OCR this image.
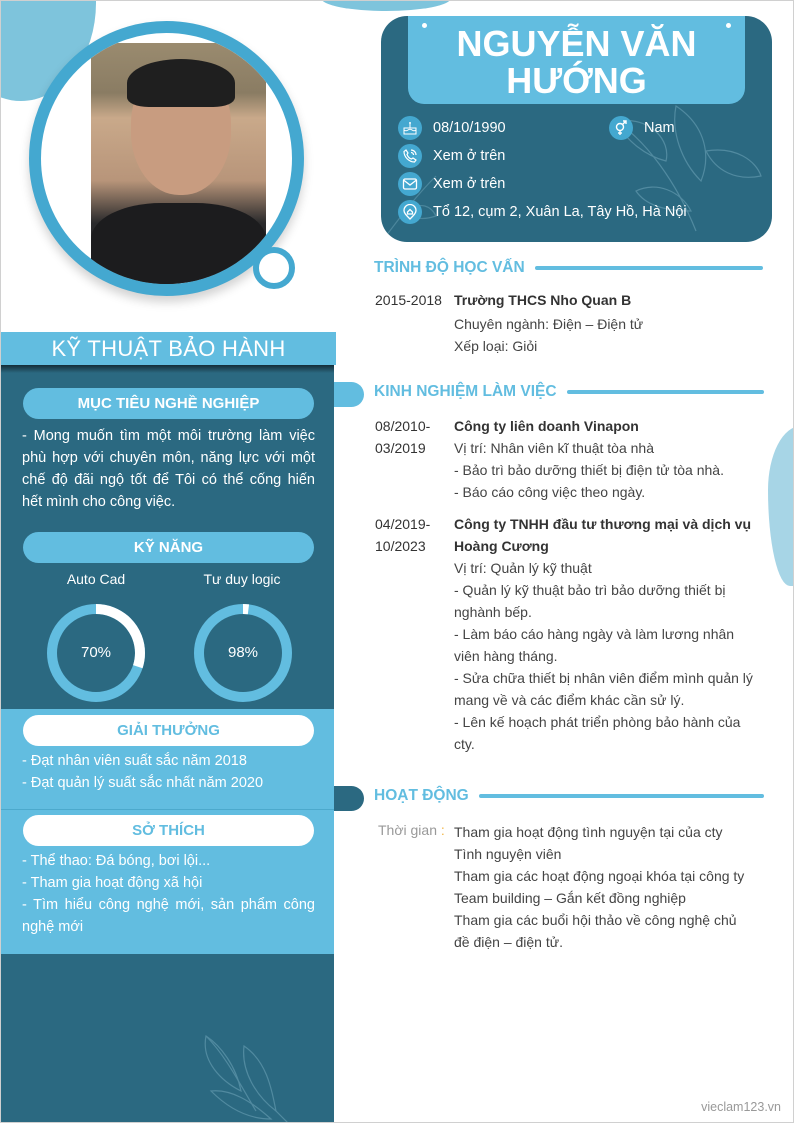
KỸ THUẬT BẢO HÀNH
MỤC TIÊU NGHỀ NGHIỆP
- Mong muốn tìm một môi trường làm việc phù hợp với chuyên môn, năng lực với một chế độ đãi ngộ tốt để Tôi có thể cống hiến hết mình cho công việc.
KỸ NĂNG
Auto Cad	Tư duy logic
70%	98%
GIẢI THƯỞNG
- Đạt nhân viên suất sắc năm 2018
- Đạt quản lý suất sắc nhất năm 2020
SỞ THÍCH
- Thể thao: Đá bóng, bơi lội...
- Tham gia hoạt động xã hội
- Tìm hiểu công nghệ mới, sản phẩm công nghệ mới
NGUYỄN VĂN
HƯỚNG
08/10/1990	Nam
Xem ở trên
Xem ở trên
Tổ 12, cụm 2, Xuân La, Tây Hồ, Hà Nội
TRÌNH ĐỘ HỌC VẤN
2015-2018 Trường THCS Nho Quan B
Chuyên ngành: Điện – Điện tử
Xếp loại: Giỏi
KINH NGHIỆM LÀM VIỆC
08/2010-
03/2019
Công ty liên doanh Vinapon
Vị trí: Nhân viên kĩ thuật tòa nhà
- Bảo trì bảo dưỡng thiết bị điện tử tòa nhà.
- Báo cáo công việc theo ngày.
04/2019-
10/2023
Công ty TNHH đầu tư thương mại và dịch vụ
Hoàng Cương
Vị trí: Quản lý kỹ thuật
- Quản lý kỹ thuật bảo trì bảo dưỡng thiết bị
nghành bếp.
- Làm báo cáo hàng ngày và làm lương nhân
viên hàng tháng.
- Sửa chữa thiết bị nhân viên điểm mình quản lý
mang về và các điểm khác cần sử lý.
- Lên kế hoạch phát triển phòng bảo hành của
cty.
HOẠT ĐỘNG
Thời gian : Tham gia hoạt động tình nguyện tại của cty
Tình nguyện viên
Tham gia các hoạt động ngoại khóa tại công ty
Team building – Gắn kết đồng nghiệp
Tham gia các buổi hội thảo về công nghệ chủ
đề điện – điện tử.
vieclam123.vn
